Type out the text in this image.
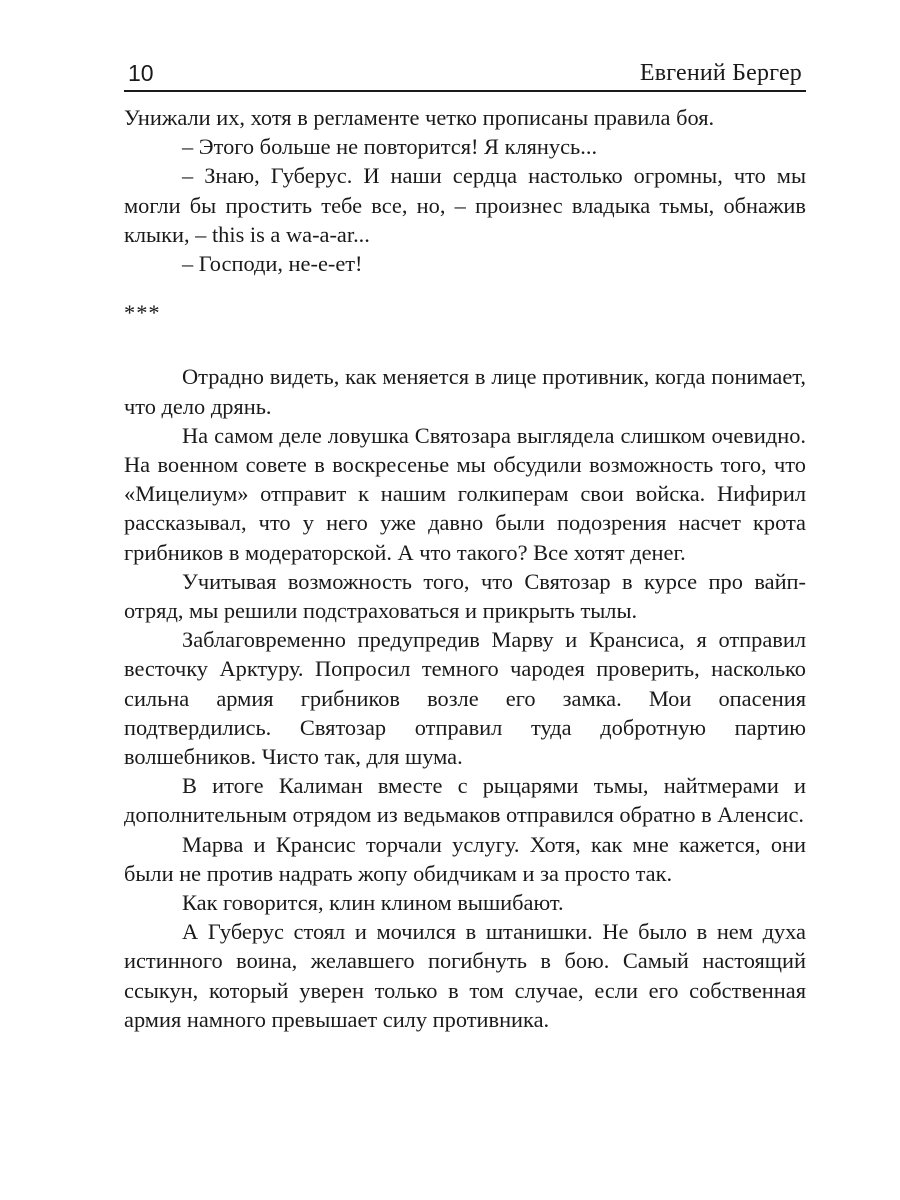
10	Евгений Бергер

Унижали их, хотя в регламенте четко прописаны правила боя.

– Этого больше не повторится! Я клянусь...

– Знаю, Губерус. И наши сердца настолько огромны, что мы могли бы простить тебе все, но, – произнес владыка тьмы, обнажив клыки, – this is a wa-a-ar...

– Господи, не-е-ет!

***

Отрадно видеть, как меняется в лице противник, когда понимает, что дело дрянь.

На самом деле ловушка Святозара выглядела слишком очевидно. На военном совете в воскресенье мы обсудили возможность того, что «Мицелиум» отправит к нашим голкиперам свои войска. Нифирил рассказывал, что у него уже давно были подозрения насчет крота грибников в модераторской. А что такого? Все хотят денег.

Учитывая возможность того, что Святозар в курсе про вайп-отряд, мы решили подстраховаться и прикрыть тылы.

Заблаговременно предупредив Марву и Крансиса, я отправил весточку Арктуру. Попросил темного чародея проверить, насколько сильна армия грибников возле его замка. Мои опасения подтвердились. Святозар отправил туда добротную партию волшебников. Чисто так, для шума.

В итоге Калиман вместе с рыцарями тьмы, найтмерами и дополнительным отрядом из ведьмаков отправился обратно в Аленсис.

Марва и Крансис торчали услугу. Хотя, как мне кажется, они были не против надрать жопу обидчикам и за просто так.

Как говорится, клин клином вышибают.

А Губерус стоял и мочился в штанишки. Не было в нем духа истинного воина, желавшего погибнуть в бою. Самый настоящий ссыкун, который уверен только в том случае, если его собственная армия намного превышает силу противника.
